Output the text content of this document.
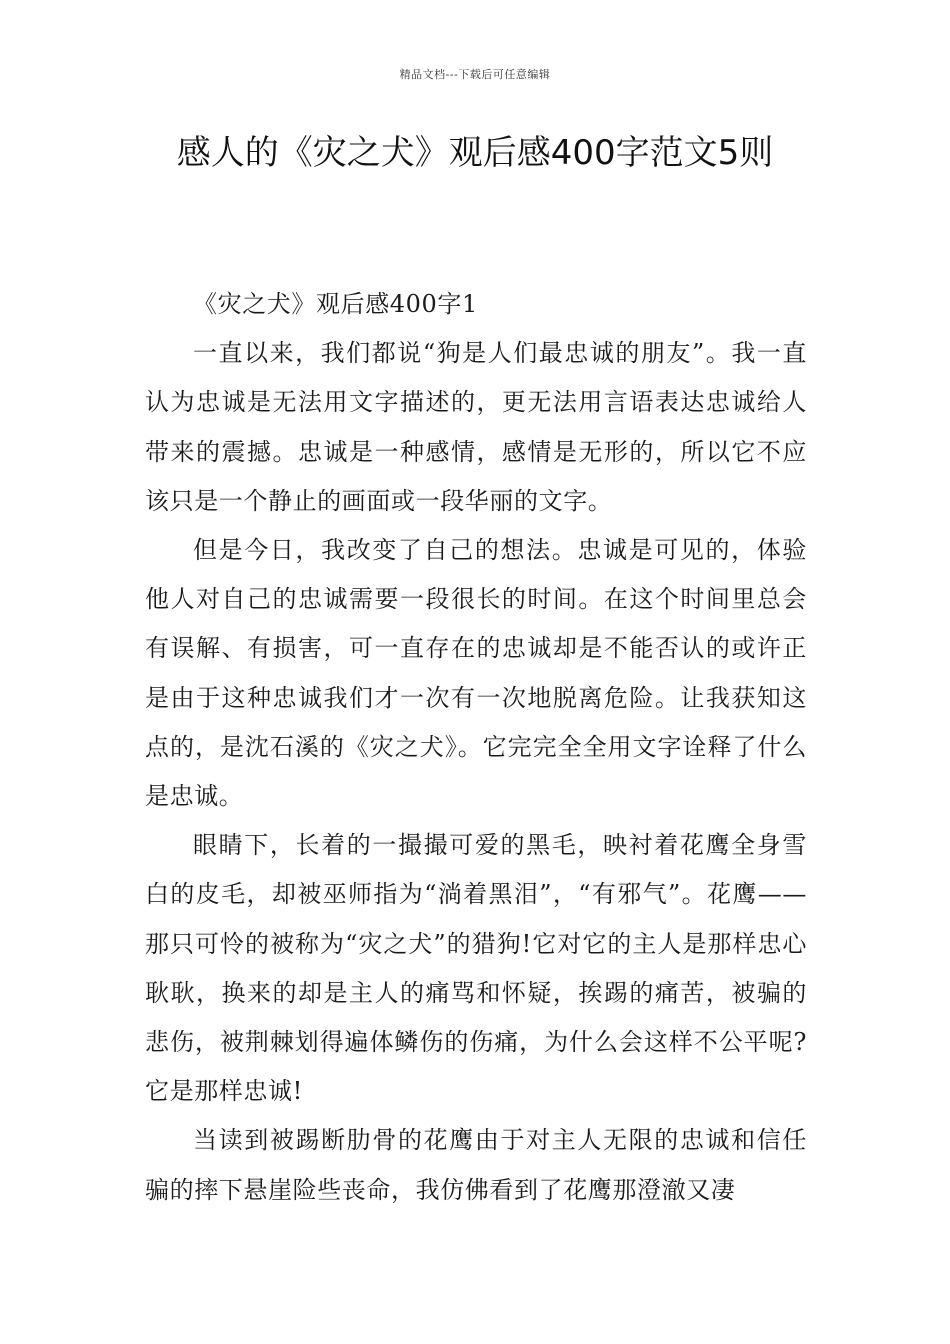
精品文档---下载后可任意编辑
感人的《灾之犬》观后感400字范文5则

《灾之犬》观后感400字1

一直以来，我们都说“狗是人们最忠诚的朋友”。我一直认为忠诚是无法用文字描述的，更无法用言语表达忠诚给人带来的震撼。忠诚是一种感情，感情是无形的，所以它不应该只是一个静止的画面或一段华丽的文字。

但是今日，我改变了自己的想法。忠诚是可见的，体验他人对自己的忠诚需要一段很长的时间。在这个时间里总会有误解、有损害，可一直存在的忠诚却是不能否认的或许正是由于这种忠诚我们才一次有一次地脱离危险。让我获知这点的，是沈石溪的《灾之犬》。它完完全全用文字诠释了什么是忠诚。

眼睛下，长着的一撮撮可爱的黑毛，映衬着花鹰全身雪白的皮毛，却被巫师指为“淌着黑泪”，“有邪气”。花鹰——那只可怜的被称为“灾之犬”的猎狗!它对它的主人是那样忠心耿耿，换来的却是主人的痛骂和怀疑，挨踢的痛苦，被骗的悲伤，被荆棘划得遍体鳞伤的伤痛，为什么会这样不公平呢?它是那样忠诚!

当读到被踢断肋骨的花鹰由于对主人无限的忠诚和信任骗的摔下悬崖险些丧命，我仿佛看到了花鹰那澄澈又凄
